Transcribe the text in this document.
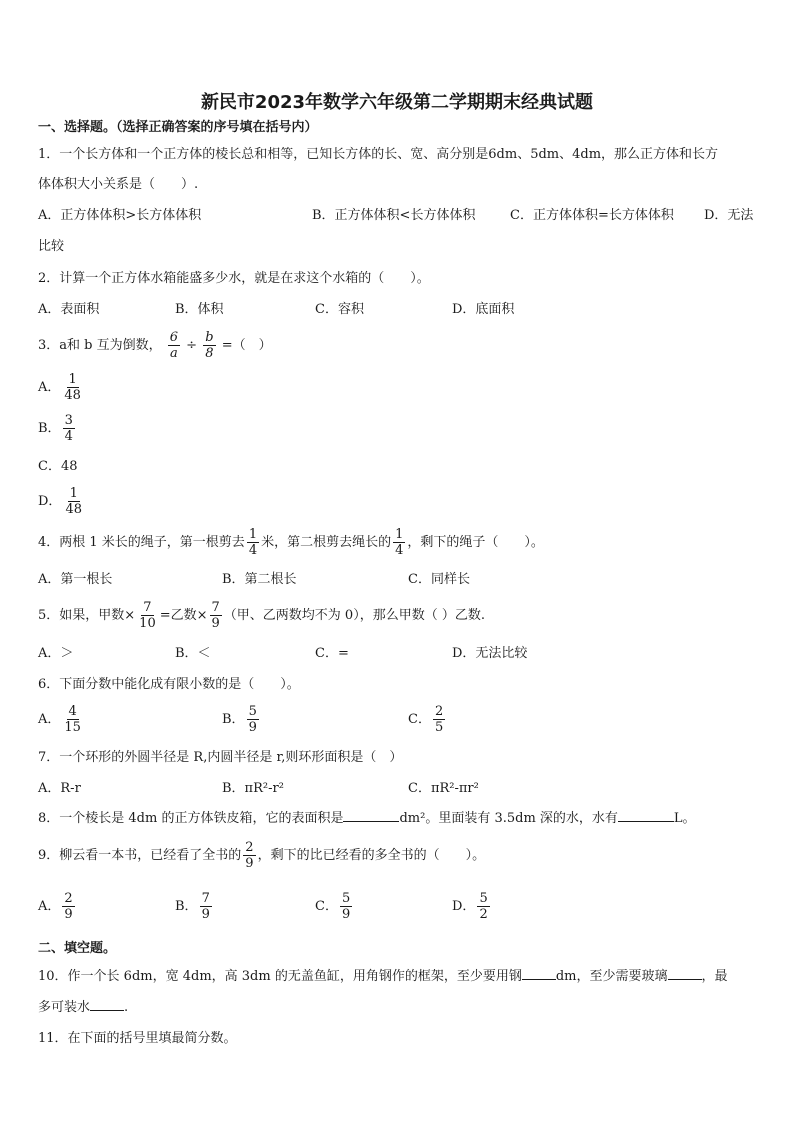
新民市2023年数学六年级第二学期期末经典试题
一、选择题。（选择正确答案的序号填在括号内）
1．一个长方体和一个正方体的棱长总和相等，已知长方体的长、宽、高分别是6dm、5dm、4dm，那么正方体和长方
体体积大小关系是（　　）.
A．正方体体积>长方体体积	B．正方体体积<长方体体积	C．正方体体积=长方体体积 D．无法
比较
2．计算一个正方体水箱能盛多少水，就是在求这个水箱的（　　）。
A．表面积	B．体积	C．容积	D．底面积
3．a和 b 互为倒数， $\frac{6}{a} \div \frac{b}{8}$ =（　）
A． $\frac{1}{48}$
B． $\frac{3}{4}$
C．48
D． $\frac{1}{48}$
4．两根 1 米长的绳子，第一根剪去 $\frac{1}{4}$ 米，第二根剪去绳长的 $\frac{1}{4}$ ，剩下的绳子（　　）。
A．第一根长	B．第二根长	C．同样长
5．如果，甲数× $\frac{7}{10}$ =乙数× $\frac{7}{9}$ （甲、乙两数均不为 0），那么甲数（ ）乙数.
A．＞	B．＜	C．=	D．无法比较
6．下面分数中能化成有限小数的是（　　）。
A． $\frac{4}{15}$	B． $\frac{5}{9}$	C． $\frac{2}{5}$
7．一个环形的外圆半径是 R,内圆半径是 r,则环形面积是（　）
A．R-r	B．πR²-r²	C．πR²-πr²
8．一个棱长是 4dm 的正方体铁皮箱，它的表面积是	dm²。里面装有 3.5dm 深的水，水有	L。
9．柳云看一本书，已经看了全书的 $\frac{2}{9}$ ，剩下的比已经看的多全书的（　　）。
A． $\frac{2}{9}$	B． $\frac{7}{9}$	C． $\frac{5}{9}$	D． $\frac{5}{2}$
二、填空题。
10．作一个长 6dm，宽 4dm，高 3dm 的无盖鱼缸，用角钢作的框架，至少要用钢	dm，至少需要玻璃	，最
多可装水	.
11．在下面的括号里填最简分数。
